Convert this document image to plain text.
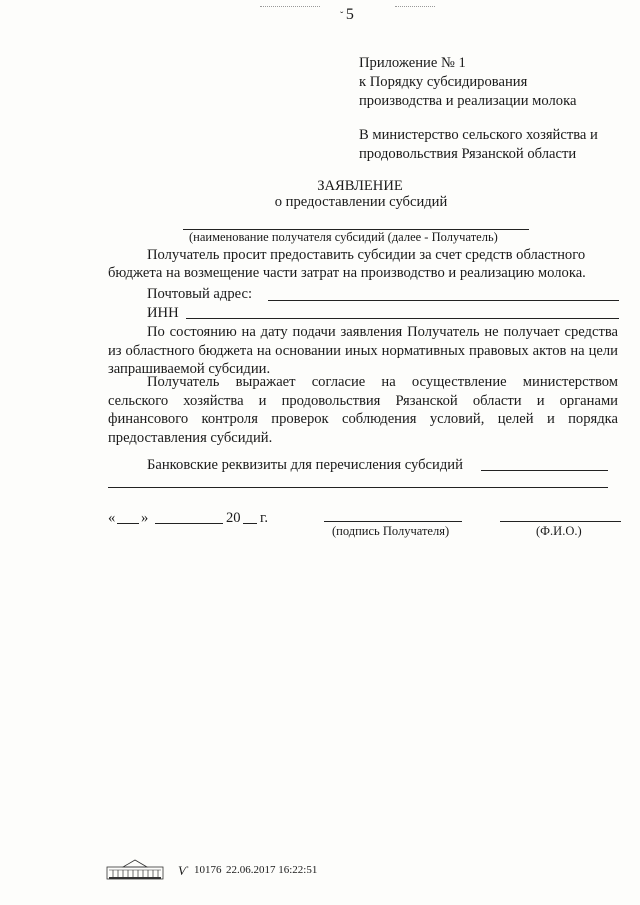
ˇ 5
Приложение № 1
к Порядку субсидирования
производства и реализации молока
В министерство сельского хозяйства и
продовольствия Рязанской области
ЗАЯВЛЕНИЕ
о предоставлении субсидий
(наименование получателя субсидий (далее - Получатель)
Получатель просит предоставить субсидии за счет средств областного
бюджета на возмещение части затрат на производство и реализацию молока.
Почтовый адрес:
ИНН
По состоянию на дату подачи заявления Получатель не получает средства из областного бюджета на основании иных нормативных правовых актов на цели запрашиваемой субсидии.
Получатель выражает согласие на осуществление министерством сельского хозяйства и продовольствия Рязанской области и органами финансового контроля проверок соблюдения условий, целей и порядка предоставления субсидий.
Банковские реквизиты для перечисления субсидий
« »	20 г.
(подпись Получателя)	(Ф.И.О.)
Ѵ 10176 22.06.2017 16:22:51
